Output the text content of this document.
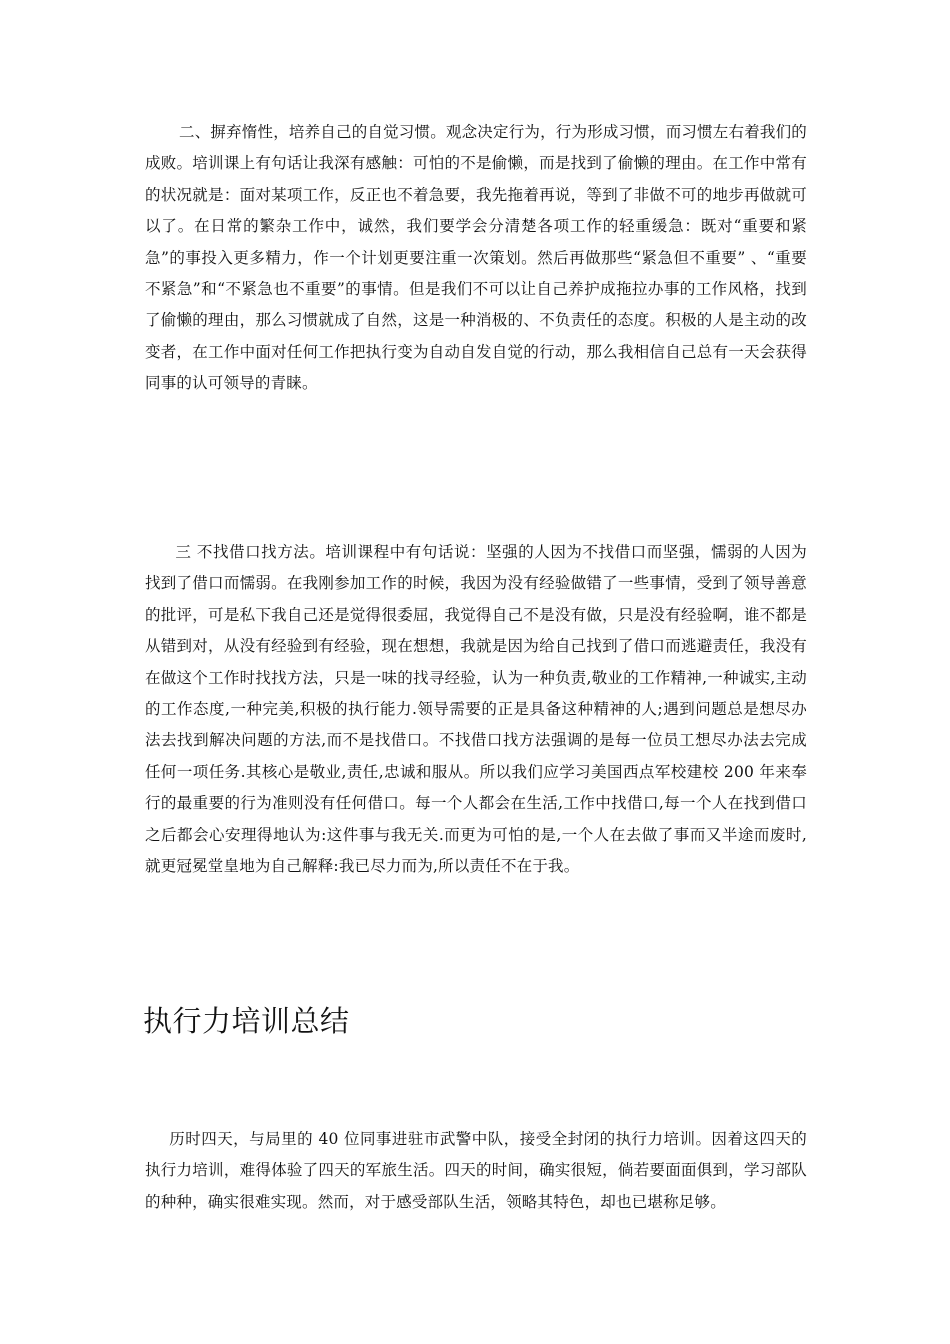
二、摒弃惰性，培养自己的自觉习惯。观念决定行为，行为形成习惯，而习惯左右着我们的成败。培训课上有句话让我深有感触：可怕的不是偷懒，而是找到了偷懒的理由。在工作中常有的状况就是：面对某项工作，反正也不着急要，我先拖着再说，等到了非做不可的地步再做就可以了。在日常的繁杂工作中，诚然，我们要学会分清楚各项工作的轻重缓急：既对“重要和紧急”的事投入更多精力，作一个计划更要注重一次策划。然后再做那些“紧急但不重要” 、“重要不紧急”和“不紧急也不重要”的事情。但是我们不可以让自己养护成拖拉办事的工作风格，找到了偷懒的理由，那么习惯就成了自然，这是一种消极的、不负责任的态度。积极的人是主动的改变者，在工作中面对任何工作把执行变为自动自发自觉的行动，那么我相信自己总有一天会获得同事的认可领导的青睐。

三 不找借口找方法。培训课程中有句话说：坚强的人因为不找借口而坚强，懦弱的人因为找到了借口而懦弱。在我刚参加工作的时候，我因为没有经验做错了一些事情，受到了领导善意的批评，可是私下我自己还是觉得很委屈，我觉得自己不是没有做，只是没有经验啊，谁不都是从错到对，从没有经验到有经验，现在想想，我就是因为给自己找到了借口而逃避责任，我没有在做这个工作时找找方法，只是一味的找寻经验，认为一种负责,敬业的工作精神,一种诚实,主动的工作态度,一种完美,积极的执行能力.领导需要的正是具备这种精神的人;遇到问题总是想尽办法去找到解决问题的方法,而不是找借口。不找借口找方法强调的是每一位员工想尽办法去完成任何一项任务.其核心是敬业,责任,忠诚和服从。所以我们应学习美国西点军校建校 200 年来奉行的最重要的行为准则没有任何借口。每一个人都会在生活,工作中找借口,每一个人在找到借口之后都会心安理得地认为:这件事与我无关.而更为可怕的是,一个人在去做了事而又半途而废时,就更冠冕堂皇地为自己解释:我已尽力而为,所以责任不在于我。

执行力培训总结

历时四天，与局里的 40 位同事进驻市武警中队，接受全封闭的执行力培训。因着这四天的执行力培训，难得体验了四天的军旅生活。四天的时间，确实很短，倘若要面面俱到，学习部队的种种，确实很难实现。然而，对于感受部队生活，领略其特色，却也已堪称足够。
